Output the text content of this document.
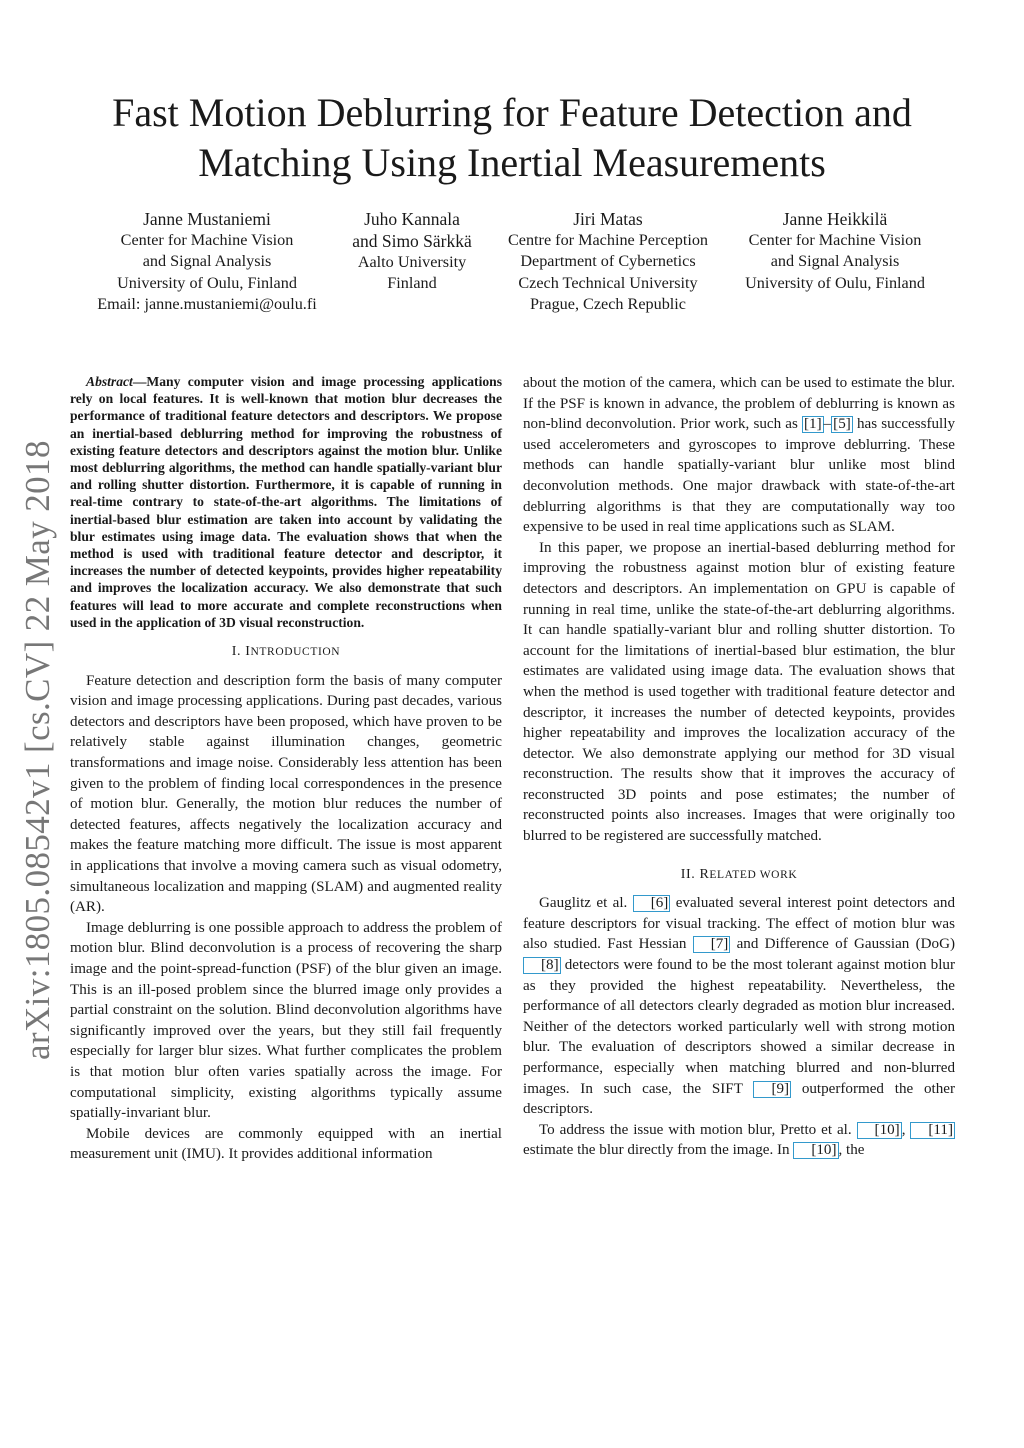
arXiv:1805.08542v1 [cs.CV] 22 May 2018
Fast Motion Deblurring for Feature Detection and
Matching Using Inertial Measurements
Janne Mustaniemi
Center for Machine Vision
and Signal Analysis
University of Oulu, Finland
Email: janne.mustaniemi@oulu.fi
Juho Kannala
and Simo Särkkä
Aalto University
Finland
Jiri Matas
Centre for Machine Perception
Department of Cybernetics
Czech Technical University
Prague, Czech Republic
Janne Heikkilä
Center for Machine Vision
and Signal Analysis
University of Oulu, Finland

Abstract—Many computer vision and image processing applications rely on local features. It is well-known that motion blur decreases the performance of traditional feature detectors and descriptors. We propose an inertial-based deblurring method for improving the robustness of existing feature detectors and descriptors against the motion blur. Unlike most deblurring algorithms, the method can handle spatially-variant blur and rolling shutter distortion. Furthermore, it is capable of running in real-time contrary to state-of-the-art algorithms. The limitations of inertial-based blur estimation are taken into account by validating the blur estimates using image data. The evaluation shows that when the method is used with traditional feature detector and descriptor, it increases the number of detected keypoints, provides higher repeatability and improves the localization accuracy. We also demonstrate that such features will lead to more accurate and complete reconstructions when used in the application of 3D visual reconstruction.

I. INTRODUCTION

Feature detection and description form the basis of many computer vision and image processing applications. During past decades, various detectors and descriptors have been proposed, which have proven to be relatively stable against illumination changes, geometric transformations and image noise. Considerably less attention has been given to the problem of finding local correspondences in the presence of motion blur. Generally, the motion blur reduces the number of detected features, affects negatively the localization accuracy and makes the feature matching more difficult. The issue is most apparent in applications that involve a moving camera such as visual odometry, simultaneous localization and mapping (SLAM) and augmented reality (AR).

Image deblurring is one possible approach to address the problem of motion blur. Blind deconvolution is a process of recovering the sharp image and the point-spread-function (PSF) of the blur given an image. This is an ill-posed problem since the blurred image only provides a partial constraint on the solution. Blind deconvolution algorithms have significantly improved over the years, but they still fail frequently especially for larger blur sizes. What further complicates the problem is that motion blur often varies spatially across the image. For computational simplicity, existing algorithms typically assume spatially-invariant blur.

Mobile devices are commonly equipped with an inertial measurement unit (IMU). It provides additional information

about the motion of the camera, which can be used to estimate the blur. If the PSF is known in advance, the problem of deblurring is known as non-blind deconvolution. Prior work, such as [1] – [5] has successfully used accelerometers and gyroscopes to improve deblurring. These methods can handle spatially-variant blur unlike most blind deconvolution methods. One major drawback with state-of-the-art deblurring algorithms is that they are computationally way too expensive to be used in real time applications such as SLAM.

In this paper, we propose an inertial-based deblurring method for improving the robustness against motion blur of existing feature detectors and descriptors. An implementation on GPU is capable of running in real time, unlike the state-of-the-art deblurring algorithms. It can handle spatially-variant blur and rolling shutter distortion. To account for the limitations of inertial-based blur estimation, the blur estimates are validated using image data. The evaluation shows that when the method is used together with traditional feature detector and descriptor, it increases the number of detected keypoints, provides higher repeatability and improves the localization accuracy of the detector. We also demonstrate applying our method for 3D visual reconstruction. The results show that it improves the accuracy of reconstructed 3D points and pose estimates; the number of reconstructed points also increases. Images that were originally too blurred to be registered are successfully matched.

II. RELATED WORK

Gauglitz et al. [6] evaluated several interest point detectors and feature descriptors for visual tracking. The effect of motion blur was also studied. Fast Hessian [7] and Difference of Gaussian (DoG) [8] detectors were found to be the most tolerant against motion blur as they provided the highest repeatability. Nevertheless, the performance of all detectors clearly degraded as motion blur increased. Neither of the detectors worked particularly well with strong motion blur. The evaluation of descriptors showed a similar decrease in performance, especially when matching blurred and non-blurred images. In such case, the SIFT [9] outperformed the other descriptors.

To address the issue with motion blur, Pretto et al. [10] , [11] estimate the blur directly from the image. In [10] , the
